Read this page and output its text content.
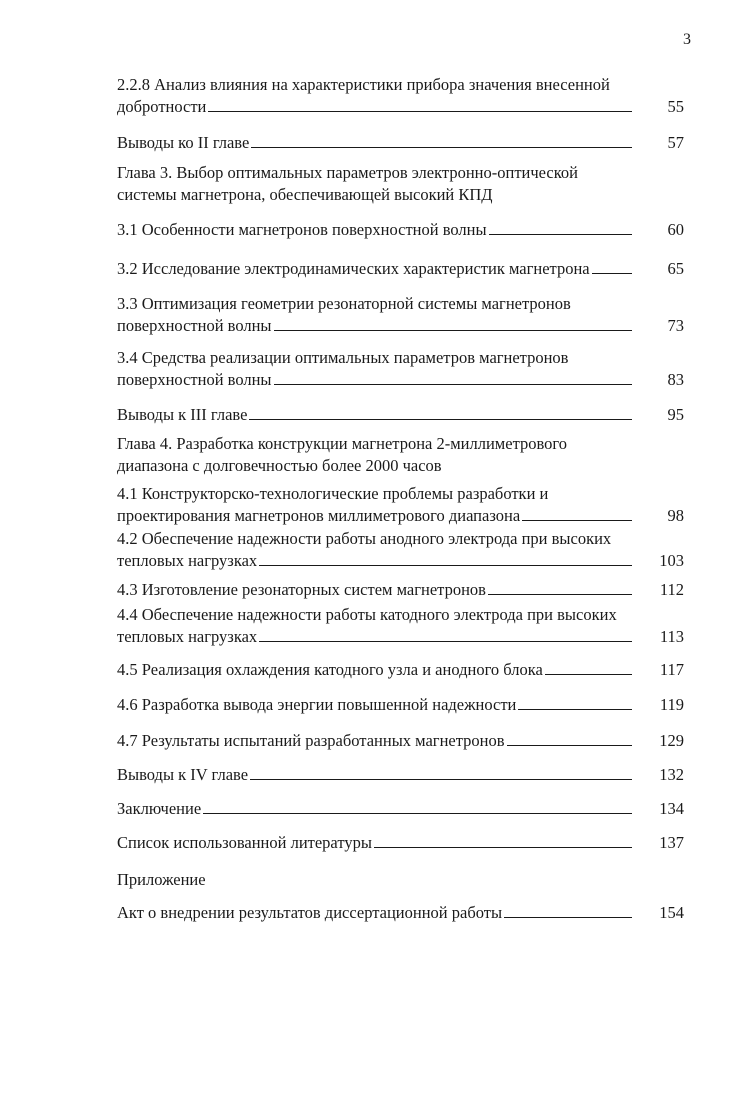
3
2.2.8 Анализ влияния на характеристики прибора значения внесенной
добротности	55
Выводы ко II главе	57
Глава 3. Выбор оптимальных параметров электронно-оптической
системы магнетрона, обеспечивающей высокий КПД
3.1 Особенности магнетронов поверхностной волны	60
3.2 Исследование электродинамических характеристик магнетрона	65
3.3 Оптимизация геометрии резонаторной системы магнетронов
поверхностной волны	73
3.4 Средства реализации оптимальных параметров магнетронов
поверхностной волны	83
Выводы к III главе	95
Глава 4. Разработка конструкции магнетрона 2-миллиметрового
диапазона с долговечностью более 2000 часов
4.1 Конструкторско-технологические проблемы разработки и
проектирования магнетронов миллиметрового диапазона	98
4.2 Обеспечение надежности работы анодного электрода при высоких
тепловых нагрузках	103
4.3 Изготовление резонаторных систем магнетронов	112
4.4 Обеспечение надежности работы катодного электрода при высоких
тепловых нагрузках	113
4.5 Реализация охлаждения катодного узла и анодного блока	117
4.6 Разработка вывода энергии повышенной надежности	119
4.7 Результаты испытаний разработанных магнетронов	129
Выводы к IV главе	132
Заключение	134
Список использованной литературы	137
Приложение
Акт о внедрении результатов диссертационной работы	154
